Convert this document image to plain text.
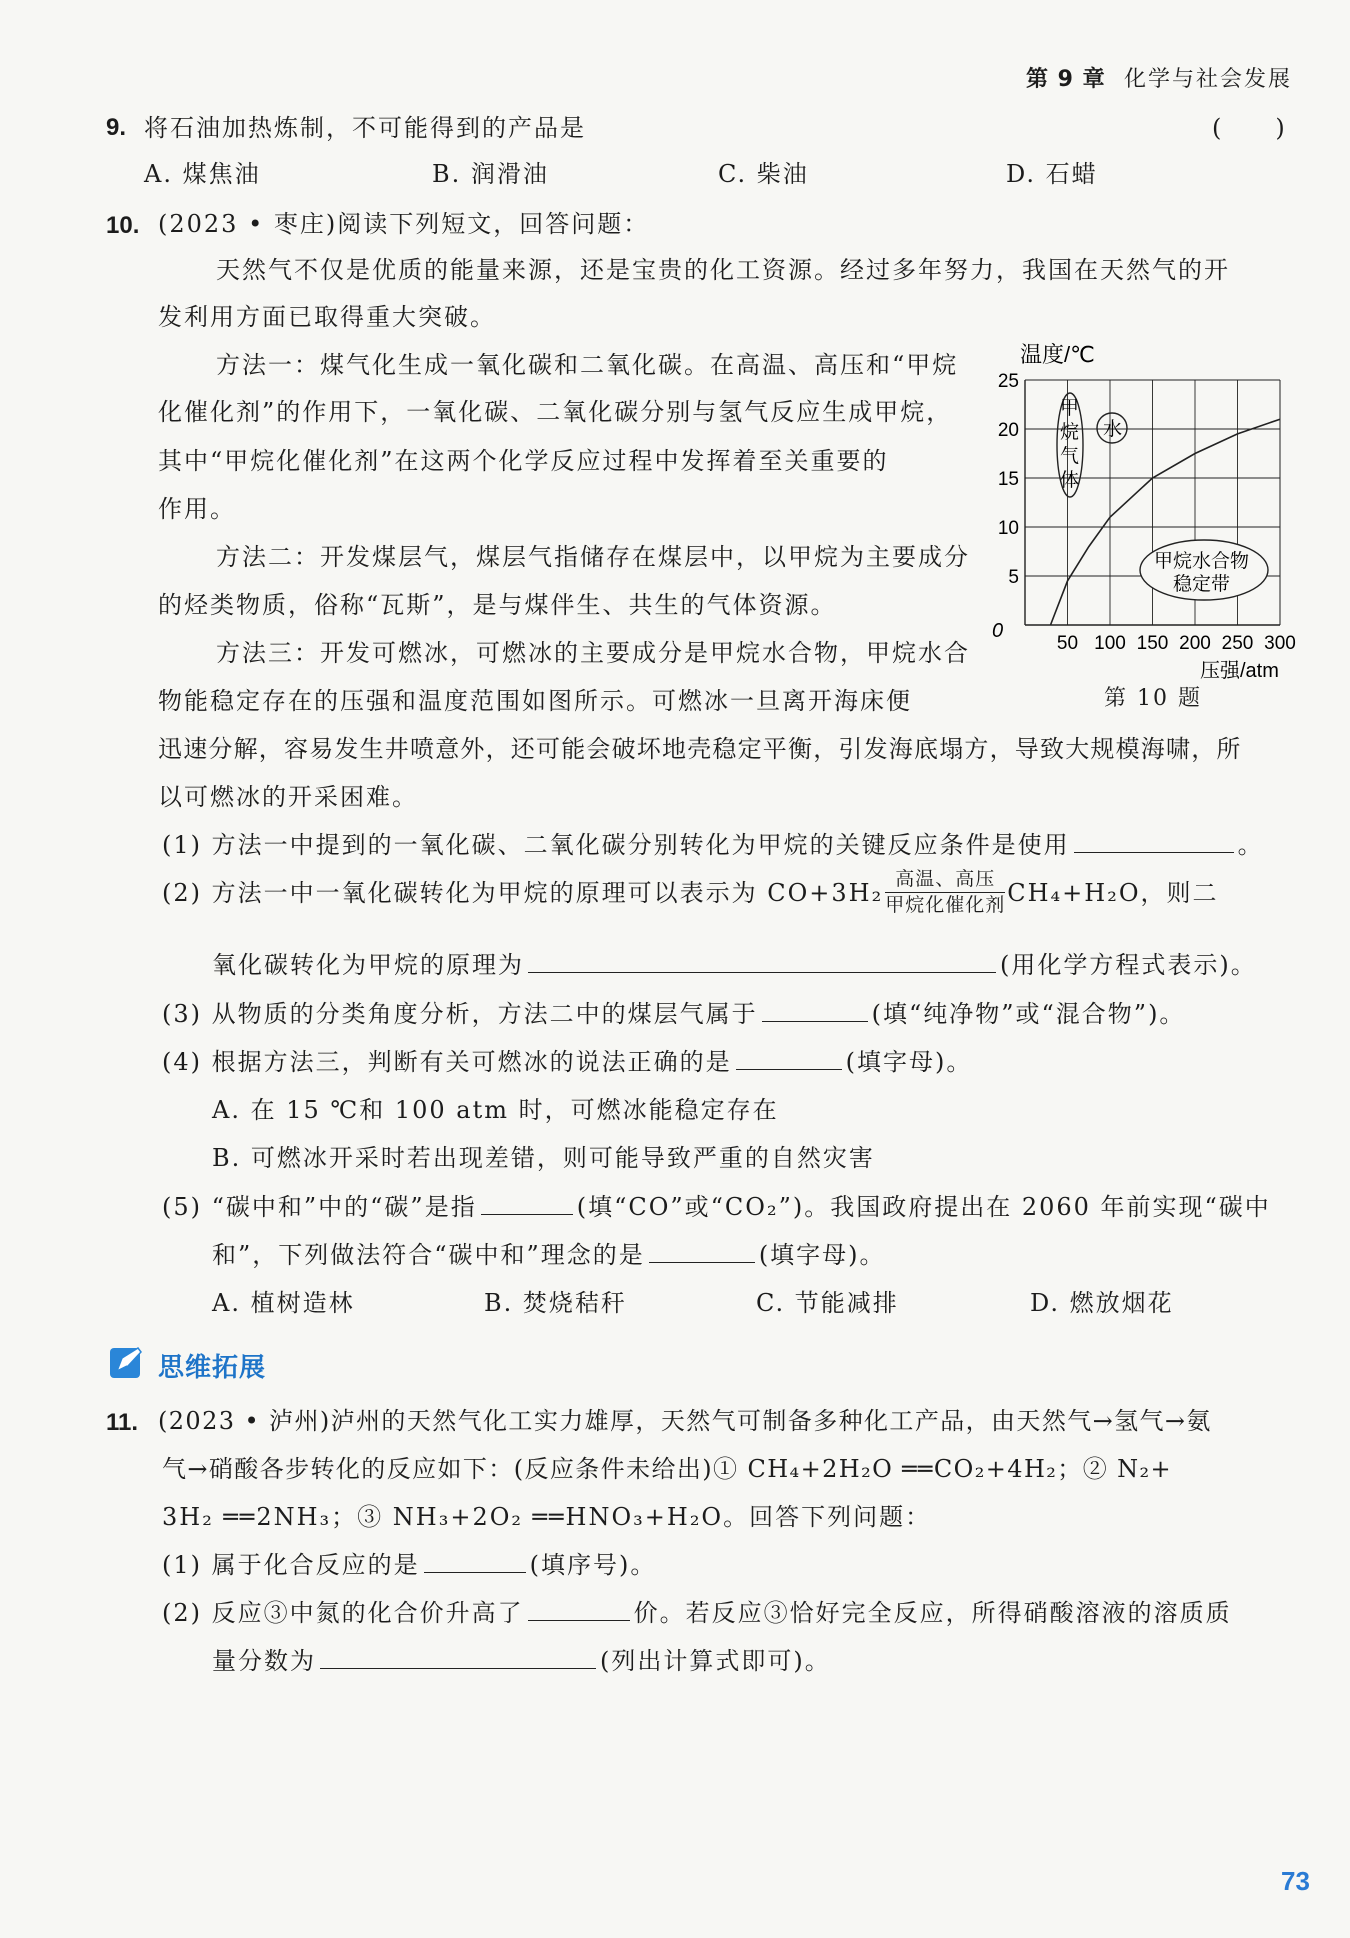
第 9 章 化学与社会发展
9. 将石油加热炼制，不可能得到的产品是	(　　)
A. 煤焦油	B. 润滑油	C. 柴油	D. 石蜡
10. (2023 • 枣庄)阅读下列短文，回答问题：
天然气不仅是优质的能量来源，还是宝贵的化工资源。经过多年努力，我国在天然气的开
发利用方面已取得重大突破。
方法一：煤气化生成一氧化碳和二氧化碳。在高温、高压和“甲烷
化催化剂”的作用下，一氧化碳、二氧化碳分别与氢气反应生成甲烷，
其中“甲烷化催化剂”在这两个化学反应过程中发挥着至关重要的
作用。
方法二：开发煤层气，煤层气指储存在煤层中，以甲烷为主要成分
的烃类物质，俗称“瓦斯”，是与煤伴生、共生的气体资源。
方法三：开发可燃冰，可燃冰的主要成分是甲烷水合物，甲烷水合
物能稳定存在的压强和温度范围如图所示。可燃冰一旦离开海床便
迅速分解，容易发生井喷意外，还可能会破坏地壳稳定平衡，引发海底塌方，导致大规模海啸，所
以可燃冰的开采困难。
50 100 150 200 250 300
5
10
15
20
25
温度/℃
压强/atm
0
甲
烷
气
体
水
甲烷水合物
稳定带
第 10 题
(1) 方法一中提到的一氧化碳、二氧化碳分别转化为甲烷的关键反应条件是使用	。
(2) 方法一中一氧化碳转化为甲烷的原理可以表示为 $CO+3H_2 \frac{\text{高温、高压}}{\text{甲烷化催化剂}} CH_4+H_2O$，则二
氧化碳转化为甲烷的原理为	(用化学方程式表示)。
(3) 从物质的分类角度分析，方法二中的煤层气属于	(填“纯净物”或“混合物”)。
(4) 根据方法三，判断有关可燃冰的说法正确的是	(填字母)。
A. 在 15 ℃和 100 atm 时，可燃冰能稳定存在
B. 可燃冰开采时若出现差错，则可能导致严重的自然灾害
(5) “碳中和”中的“碳”是指	(填“CO”或“CO₂”)。我国政府提出在 2060 年前实现“碳中
和”，下列做法符合“碳中和”理念的是	(填字母)。
A. 植树造林	B. 焚烧秸秆	C. 节能减排	D. 燃放烟花
思维拓展
11. (2023 • 泸州)泸州的天然气化工实力雄厚，天然气可制备多种化工产品，由天然气→氢气→氨
气→硝酸各步转化的反应如下：(反应条件未给出)① CH₄+2H₂O ══CO₂+4H₂；② N₂+
3H₂ ══2NH₃；③ NH₃+2O₂ ══HNO₃+H₂O。回答下列问题：
(1) 属于化合反应的是	(填序号)。
(2) 反应③中氮的化合价升高了	价。若反应③恰好完全反应，所得硝酸溶液的溶质质
量分数为	(列出计算式即可)。
73
